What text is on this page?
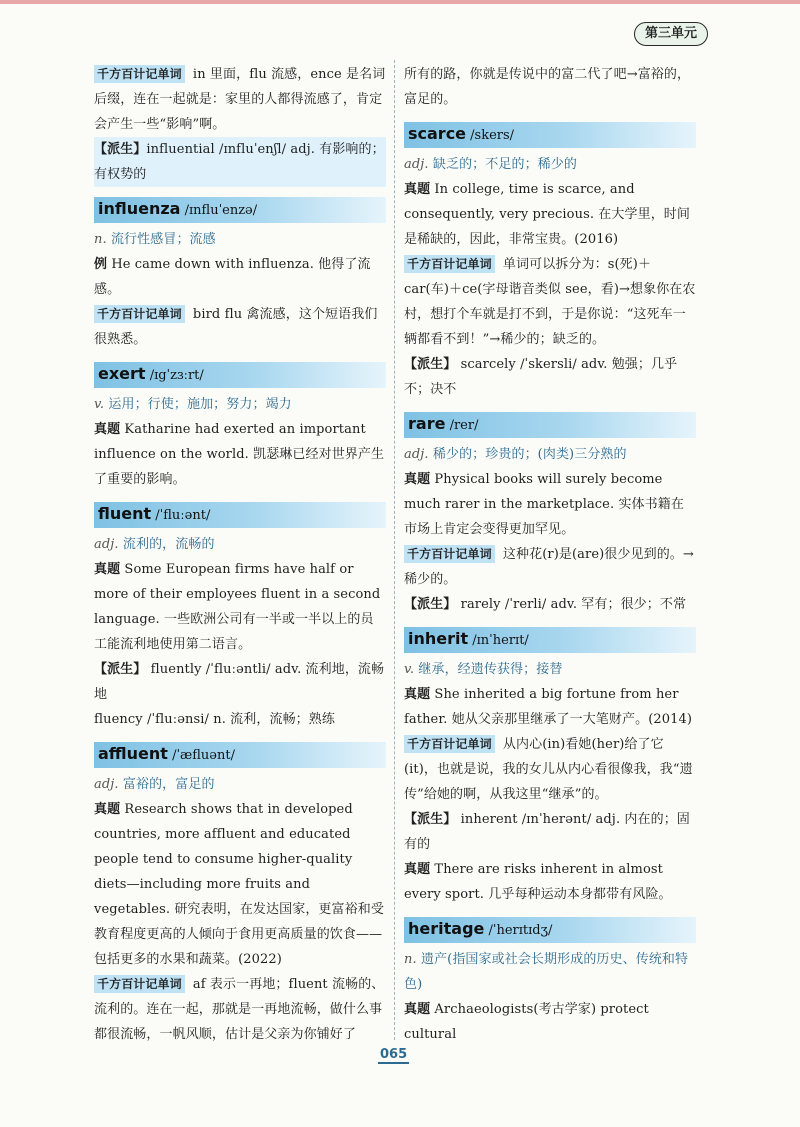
第三单元

千方百计记单词 in 里面，flu 流感，ence 是名词后缀，连在一起就是：家里的人都得流感了，肯定会产生一些“影响”啊。

【派生】influential /ɪnfluˈenʃl/ adj. 有影响的；有权势的

influenza /ɪnfluˈenzə/

n. 流行性感冒；流感

例 He came down with influenza. 他得了流感。

千方百计记单词 bird flu 禽流感，这个短语我们很熟悉。

exert /ɪgˈzɜːrt/

v. 运用；行使；施加；努力；竭力

真题 Katharine had exerted an important influence on the world. 凯瑟琳已经对世界产生了重要的影响。

fluent /ˈfluːənt/

adj. 流利的，流畅的

真题 Some European firms have half or more of their employees fluent in a second language. 一些欧洲公司有一半或一半以上的员工能流利地使用第二语言。

【派生】 fluently /ˈfluːəntli/ adv. 流利地，流畅地

fluency /ˈfluːənsi/ n. 流利，流畅；熟练

affluent /ˈæfluənt/

adj. 富裕的，富足的

真题 Research shows that in developed countries, more affluent and educated people tend to consume higher-quality diets—including more fruits and vegetables. 研究表明，在发达国家，更富裕和受教育程度更高的人倾向于食用更高质量的饮食——包括更多的水果和蔬菜。(2022)

千方百计记单词 af 表示一再地；fluent 流畅的、流利的。连在一起，那就是一再地流畅，做什么事都很流畅，一帆风顺，估计是父亲为你铺好了

所有的路，你就是传说中的富二代了吧→富裕的，富足的。

scarce /skers/

adj. 缺乏的；不足的；稀少的

真题 In college, time is scarce, and consequently, very precious. 在大学里，时间是稀缺的，因此，非常宝贵。(2016)

千方百计记单词 单词可以拆分为：s(死)＋car(车)＋ce(字母谐音类似 see，看)→想象你在农村，想打个车就是打不到，于是你说：“这死车一辆都看不到！”→稀少的；缺乏的。

【派生】 scarcely /ˈskersli/ adv. 勉强；几乎不；决不

rare /rer/

adj. 稀少的；珍贵的；(肉类)三分熟的

真题 Physical books will surely become much rarer in the marketplace. 实体书籍在市场上肯定会变得更加罕见。

千方百计记单词 这种花(r)是(are)很少见到的。→稀少的。

【派生】 rarely /ˈrerli/ adv. 罕有；很少；不常

inherit /ɪnˈherɪt/

v. 继承，经遗传获得；接替

真题 She inherited a big fortune from her father. 她从父亲那里继承了一大笔财产。(2014)

千方百计记单词 从内心(in)看她(her)给了它(it)，也就是说，我的女儿从内心看很像我，我“遗传”给她的啊，从我这里“继承”的。

【派生】 inherent /ɪnˈherənt/ adj. 内在的；固有的

真题 There are risks inherent in almost every sport. 几乎每种运动本身都带有风险。

heritage /ˈherɪtɪdʒ/

n. 遗产(指国家或社会长期形成的历史、传统和特色)

真题 Archaeologists(考古学家) protect cultural

065
